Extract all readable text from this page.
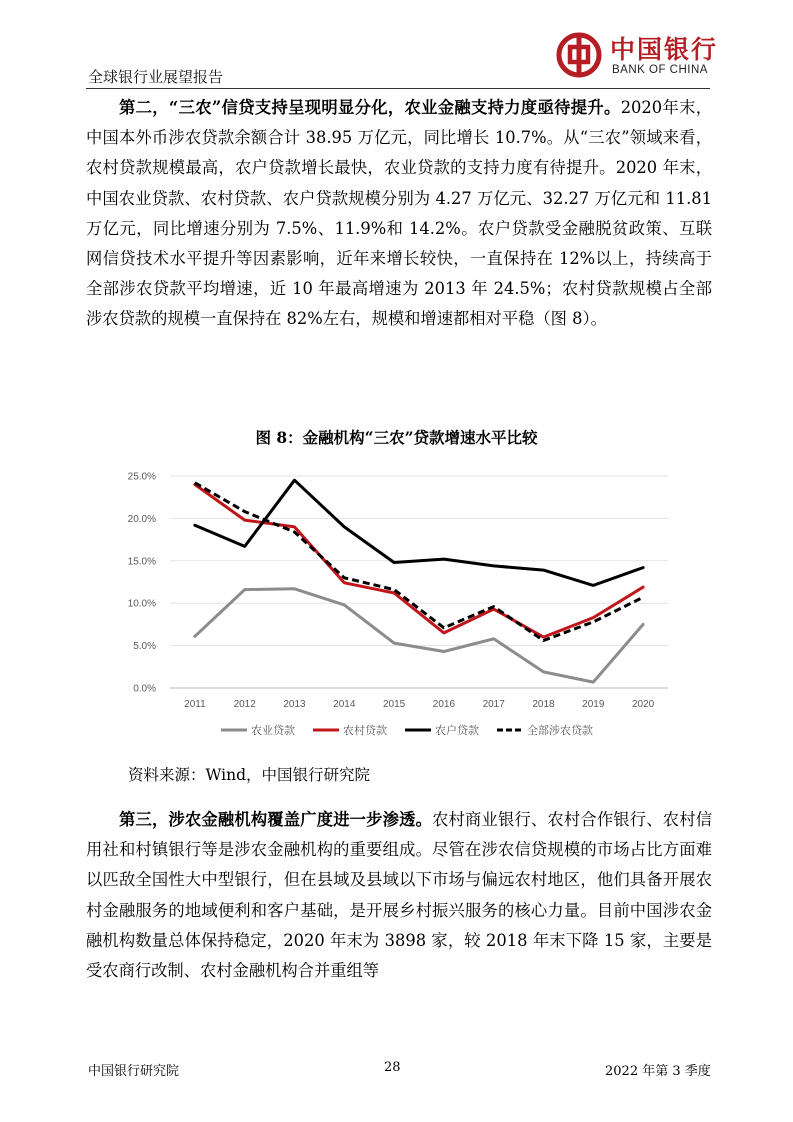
全球银行业展望报告
中国银行
BANK OF CHINA

第二，“三农”信贷支持呈现明显分化，农业金融支持力度亟待提升。2020年末，中国本外币涉农贷款余额合计 38.95 万亿元，同比增长 10.7%。从“三农”领域来看，农村贷款规模最高，农户贷款增长最快，农业贷款的支持力度有待提升。2020 年末，中国农业贷款、农村贷款、农户贷款规模分别为 4.27 万亿元、32.27 万亿元和 11.81 万亿元，同比增速分别为 7.5%、11.9%和 14.2%。农户贷款受金融脱贫政策、互联网信贷技术水平提升等因素影响，近年来增长较快，一直保持在 12%以上，持续高于全部涉农贷款平均增速，近 10 年最高增速为 2013 年 24.5%；农村贷款规模占全部涉农贷款的规模一直保持在 82%左右，规模和增速都相对平稳（图 8）。

图 8：金融机构“三农”贷款增速水平比较
0.0%
5.0%
10.0%
15.0%
20.0%
25.0%
2011	2012	2013	2014	2015	2016	2017	2018	2019	2020
农业贷款	农村贷款	农户贷款	全部涉农贷款
资料来源：Wind，中国银行研究院

第三，涉农金融机构覆盖广度进一步渗透。农村商业银行、农村合作银行、农村信用社和村镇银行等是涉农金融机构的重要组成。尽管在涉农信贷规模的市场占比方面难以匹敌全国性大中型银行，但在县域及县域以下市场与偏远农村地区，他们具备开展农村金融服务的地域便利和客户基础，是开展乡村振兴服务的核心力量。目前中国涉农金融机构数量总体保持稳定，2020 年末为 3898 家，较 2018 年末下降 15 家，主要是受农商行改制、农村金融机构合并重组等

中国银行研究院	28	2022 年第 3 季度
